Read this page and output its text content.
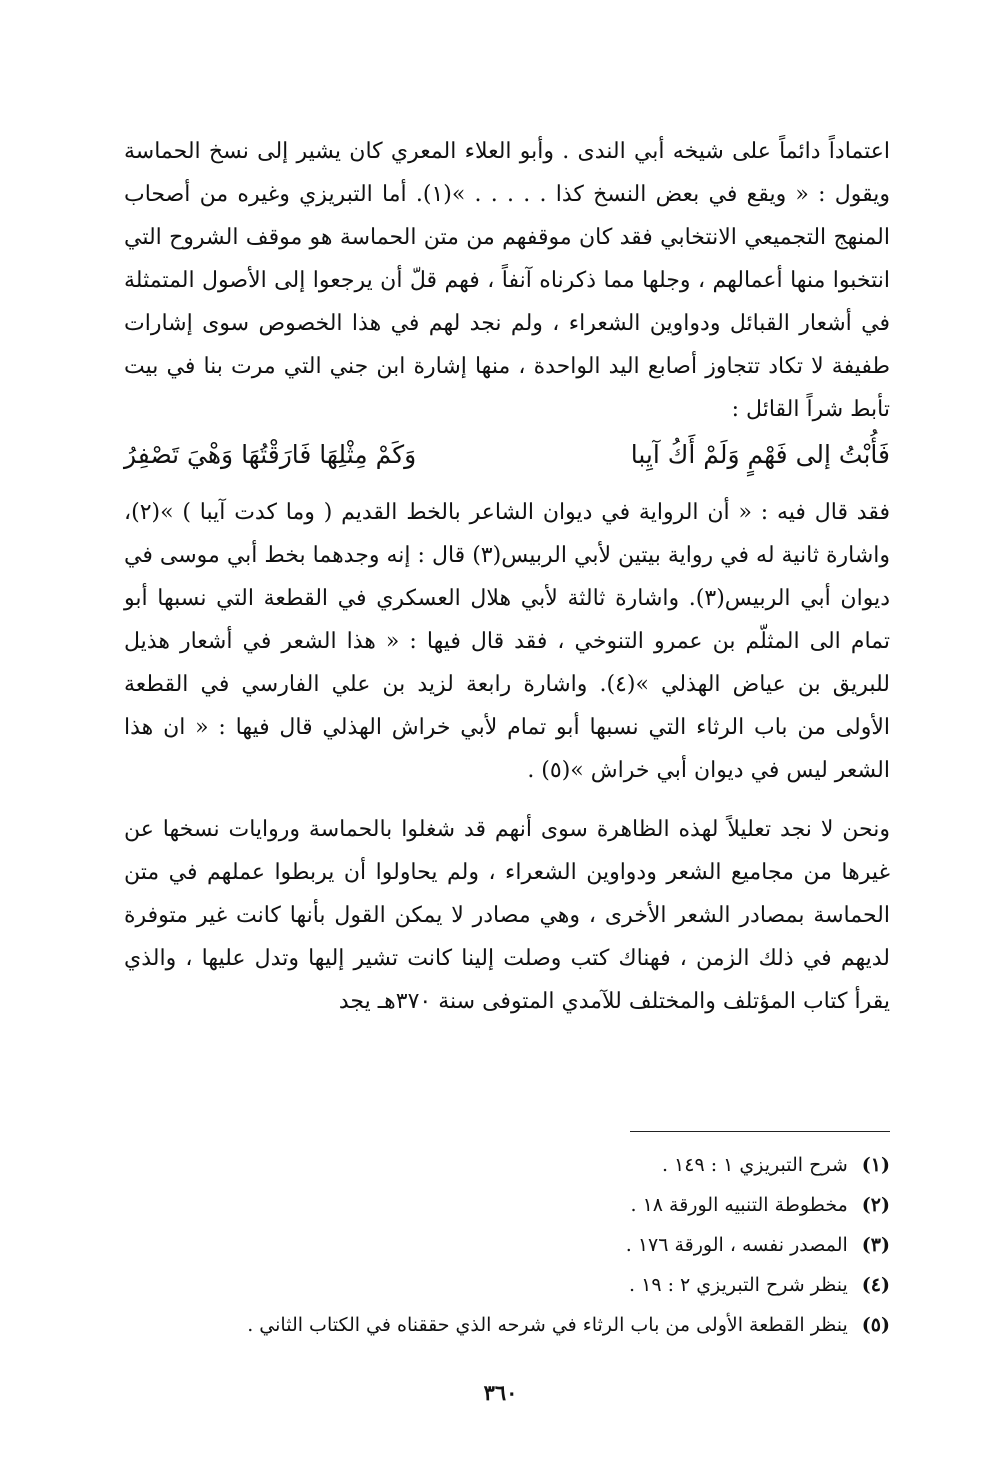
اعتماداً دائماً على شيخه أبي الندى . وأبو العلاء المعري كان يشير إلى نسخ الحماسة ويقول : « ويقع في بعض النسخ كذا . . . . . »(١). أما التبريزي وغيره من أصحاب المنهج التجميعي الانتخابي فقد كان موقفهم من متن الحماسة هو موقف الشروح التي انتخبوا منها أعمالهم ، وجلها مما ذكرناه آنفاً ، فهم قلّ أن يرجعوا إلى الأصول المتمثلة في أشعار القبائل ودواوين الشعراء ، ولم نجد لهم في هذا الخصوص سوى إشارات طفيفة لا تكاد تتجاوز أصابع اليد الواحدة ، منها إشارة ابن جني التي مرت بنا في بيت تأبط شراً القائل :

فَأُبْتُ إلى فَهْمٍ وَلَمْ أَكُ آيِبا
وَكَمْ مِثْلِهَا فَارَقْتُهَا وَهْيَ تَصْفِرُ

فقد قال فيه : « أن الرواية في ديوان الشاعر بالخط القديم ( وما كدت آيبا ) »(٢)، واشارة ثانية له في رواية بيتين لأبي الربيس(٣) قال : إنه وجدهما بخط أبي موسى في ديوان أبي الربيس(٣). واشارة ثالثة لأبي هلال العسكري في القطعة التي نسبها أبو تمام الى المثلّم بن عمرو التنوخي ، فقد قال فيها : « هذا الشعر في أشعار هذيل للبريق بن عياض الهذلي »(٤). واشارة رابعة لزيد بن علي الفارسي في القطعة الأولى من باب الرثاء التي نسبها أبو تمام لأبي خراش الهذلي قال فيها : « ان هذا الشعر ليس في ديوان أبي خراش »(٥) .

ونحن لا نجد تعليلاً لهذه الظاهرة سوى أنهم قد شغلوا بالحماسة وروايات نسخها عن غيرها من مجاميع الشعر ودواوين الشعراء ، ولم يحاولوا أن يربطوا عملهم في متن الحماسة بمصادر الشعر الأخرى ، وهي مصادر لا يمكن القول بأنها كانت غير متوفرة لديهم في ذلك الزمن ، فهناك كتب وصلت إلينا كانت تشير إليها وتدل عليها ، والذي يقرأ كتاب المؤتلف والمختلف للآمدي المتوفى سنة ٣٧٠هـ يجد

(١)شرح التبريزي ١ : ١٤٩ .
(٢)مخطوطة التنبيه الورقة ١٨ .
(٣)المصدر نفسه ، الورقة ١٧٦ .
(٤)ينظر شرح التبريزي ٢ : ١٩ .
(٥)ينظر القطعة الأولى من باب الرثاء في شرحه الذي حققناه في الكتاب الثاني .
٣٦٠
